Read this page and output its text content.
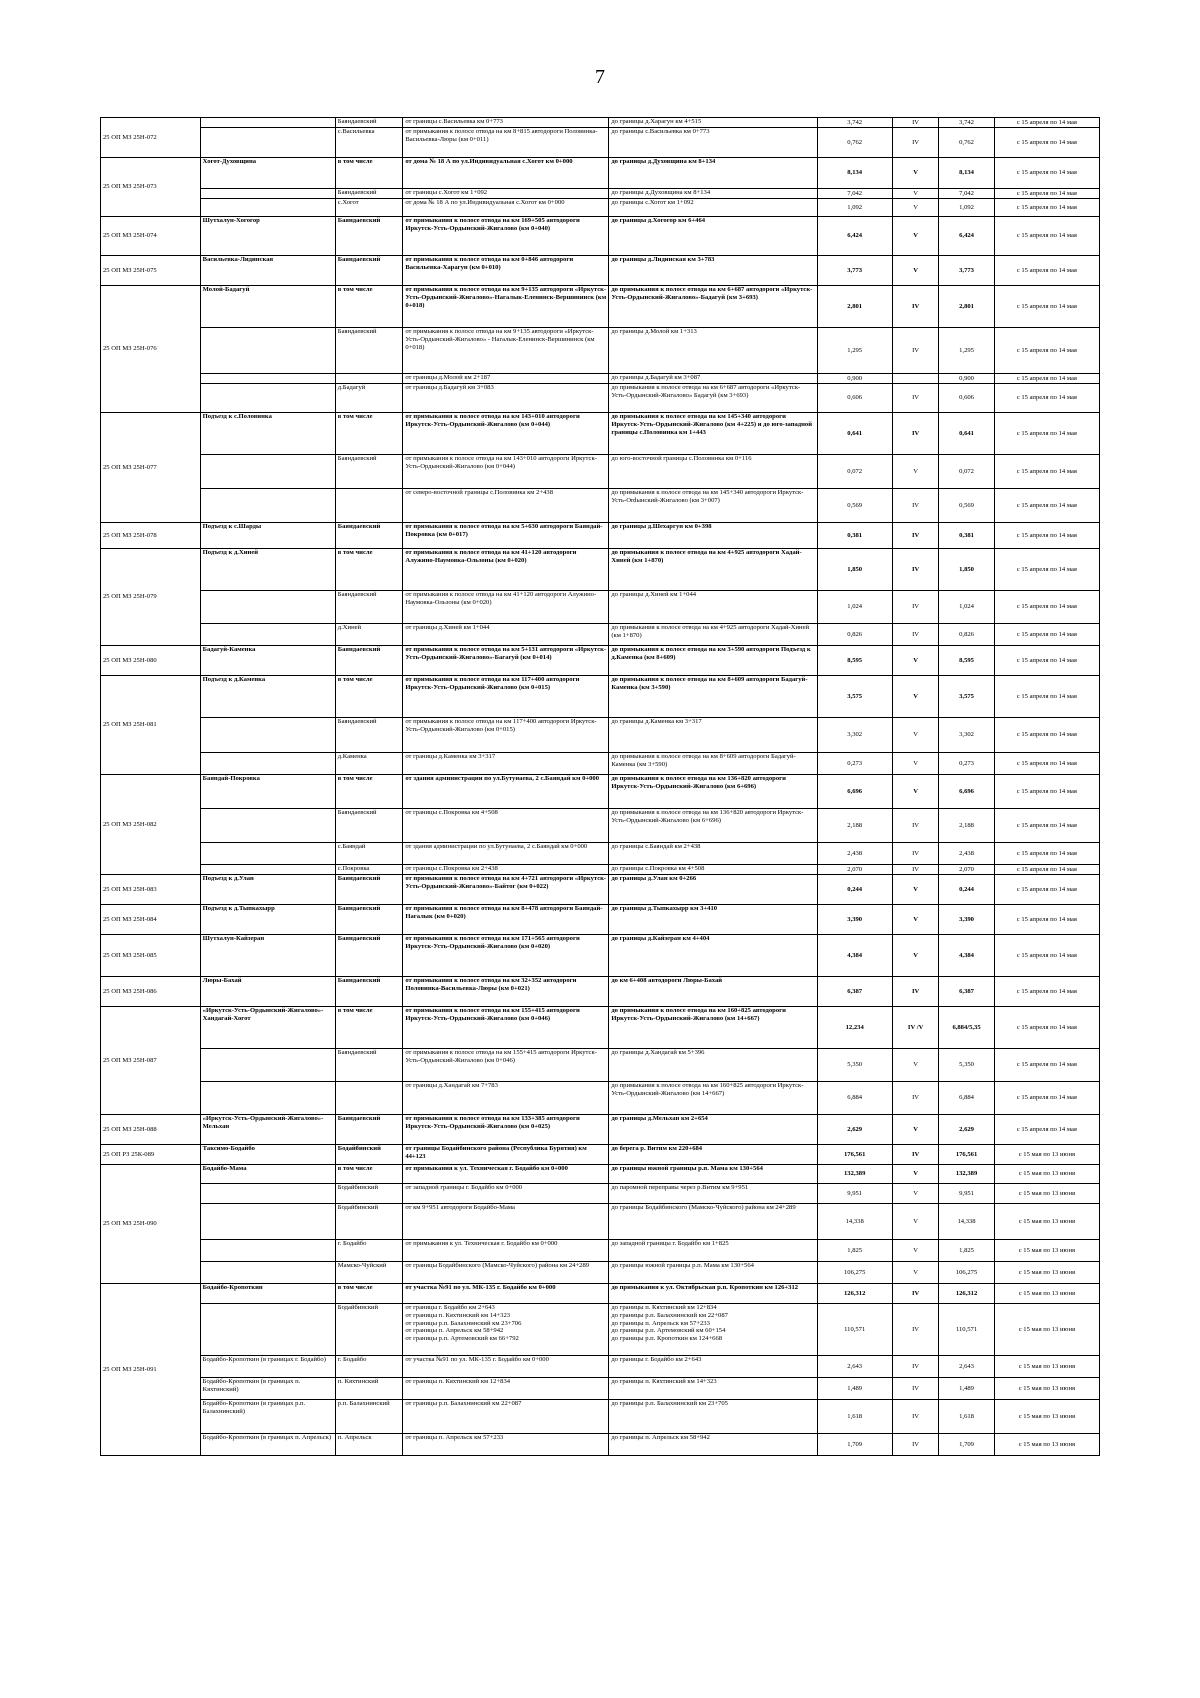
7
25 ОП МЗ 25Н-072		Баяндаевский	от границы с.Васильевка км 0+773	до границы д.Харагун км 4+515	3,742	IV	3,742	с 15 апреля по 14 мая
		с.Васильевка	от примыкания к полосе отвода на км 8+815 автодороги Половинка-Васильевка-Люры (км 0+011)	до границы с.Васильевка км 0+773	0,762	IV	0,762	с 15 апреля по 14 мая
25 ОП МЗ 25Н-073	Хогот-Духовщина	в том числе	от дома № 18 А по ул.Индивидуальная с.Хогот км 0+000	до границы д.Духовщина км 8+134	8,134	V	8,134	с 15 апреля по 14 мая
		Баяндаевский	от границы с.Хогот км 1+092	до границы д.Духовщина км 8+134	7,042	V	7,042	с 15 апреля по 14 мая
		с.Хогот	от дома № 18 А по ул.Индивидуальная с.Хогот км 0+000	до границы с.Хогот км 1+092	1,092	V	1,092	с 15 апреля по 14 мая
25 ОП МЗ 25Н-074	Шутхалун-Хогогор	Баяндаевский	от примыкания к полосе отвода на км 169+505 автодороги Иркутск-Усть-Ордынский-Жигалово (км 0+040)	до границы д.Хогогор км 6+464	6,424	V	6,424	с 15 апреля по 14 мая
25 ОП МЗ 25Н-075	Васильевка-Лидинская	Баяндаевский	от примыкания к полосе отвода на км 0+846 автодороги Васильевка-Харагун (км 0+010)	до границы д.Лидинская км 3+783	3,773	V	3,773	с 15 апреля по 14 мая
25 ОП МЗ 25Н-076	Молой-Бадагуй	в том числе	от примыкания к полосе отвода на км 9+135 автодороги «Иркутск-Усть-Ордынский-Жигалово»-Нагалык-Еленинск-Вершининск (км 0+018)	до примыкания к полосе отвода на км 6+687 автодороги «Иркутск-Усть-Ордынский-Жигалово»-Бадагуй (км 3+693)	2,801	IV	2,801	с 15 апреля по 14 мая
		Баяндаевский	от примыкания к полосе отвода на км 9+135 автодороги «Иркутск-Усть-Ордынский-Жигалово» - Нагалык-Еленинск-Вершининск (км 0+018)	до границы д.Молой км 1+313	1,295	IV	1,295	с 15 апреля по 14 мая
			от границы д.Молой км 2+187	до границы д.Бадагуй км 3+087	0,900		0,900	с 15 апреля по 14 мая
		д.Бадагуй	от границы д.Бадагуй км 3+083	до примыкания к полосе отвода на км 6+687 автодороги «Иркутск-Усть-Ордынский-Жигалово» Бадагуй (км 3+693)	0,606	IV	0,606	с 15 апреля по 14 мая
25 ОП МЗ 25Н-077	Подъезд к с.Половинка	в том числе	от примыкания к полосе отвода на км 143+010 автодороги Иркутск-Усть-Ордынский-Жигалово (км 0+044)	до примыкания к полосе отвода на км 145+340 автодороги Иркутск-Усть-Ордынский-Жигалово (км 4+225) и до юго-западной границы с.Половинка км 1+443	0,641	IV	0,641	с 15 апреля по 14 мая
		Баяндаевский	от примыкания к полосе отвода на км 143+010 автодороги Иркутск-Усть-Ордынский-Жигалово (км 0+044)	до юго-восточной границы с.Половинка км 0+116	0,072	V	0,072	с 15 апреля по 14 мая
			от северо-восточной границы с.Половинка км 2+438	до примыкания к полосе отвода на км 145+340 автодороги Иркутск-Усть-Ordынский-Жигалово (км 3+007)	0,569	IV	0,569	с 15 апреля по 14 мая
25 ОП МЗ 25Н-078	Подъезд к с.Шарды	Баяндаевский	от примыкания к полосе отвода на км 5+630 автодороги Баяндай-Покровка (км 0+017)	до границы д.Шехаргун км 0+398	0,381	IV	0,381	с 15 апреля по 14 мая
25 ОП МЗ 25Н-079	Подъезд к д.Хиней	в том числе	от примыкания к полосе отвода на км 41+120 автодороги Алужино-Наумовка-Ользоны (км 0+020)	до примыкания к полосе отвода на км 4+925 автодороги Хадай-Хиней (км 1+870)	1,850	IV	1,850	с 15 апреля по 14 мая
		Баяндаевский	от примыкания к полосе отвода на км 41+120 автодороги Алужино-Наумовка-Ользоны (км 0+020)	до границы д.Хиней км 1+044	1,024	IV	1,024	с 15 апреля по 14 мая
		д.Хиней	от границы д.Хиней км 1+044	до примыкания к полосе отвода на км 4+925 автодороги Хадай-Хиней (км 1+870)	0,826	IV	0,826	с 15 апреля по 14 мая
25 ОП МЗ 25Н-080	Бадагуй-Каменка	Баяндаевский	от примыкания к полосе отвода на км 5+131 автодороги «Иркутск-Усть-Ордынский-Жигалово»-Багагуй (км 0+014)	до примыкания к полосе отвода на км 3+590 автодороги Подъезд к д.Каменка (км 8+609)	8,595	V	8,595	с 15 апреля по 14 мая
25 ОП МЗ 25Н-081	Подъезд к д.Каменка	в том числе	от примыкания к полосе отвода на км 117+400 автодороги Иркутск-Усть-Ордынский-Жигалово (км 0+015)	до примыкания к полосе отвода на км 8+609 автодороги Бадагуй-Каменка (км 3+590)	3,575	V	3,575	с 15 апреля по 14 мая
		Баяндаевский	от примыкания к полосе отвода на км 117+400 автодороги Иркутск-Усть-Ордынский-Жигалово (км 0+015)	до границы д.Каменка км 3+317	3,302	V	3,302	с 15 апреля по 14 мая
		д.Каменка	от границы д.Каменка км 3+317	до примыкания к полосе отвода на км 8+609 автодороги Бадагуй-Каменка (км 3+590)	0,273	V	0,273	с 15 апреля по 14 мая
25 ОП МЗ 25Н-082	Баяндай-Покровка	в том числе	от здания администрации по ул.Бутунаева, 2 с.Баяндай км 0+000	до примыкания к полосе отвода на км 136+820 автодороги Иркутск-Усть-Ордынский-Жигалово (км 6+696)	6,696	V	6,696	с 15 апреля по 14 мая
		Баяндаевский	от границы с.Покровка км 4+508	до примыкания к полосе отвода на км 136+820 автодороги Иркутск-Усть-Ордынский-Жигалово (км 6+696)	2,188	IV	2,188	с 15 апреля по 14 мая
		с.Баяндай	от здания администрации по ул.Бутунаева, 2 с.Баяндай км 0+000	до границы с.Баяндай км 2+438	2,438	IV	2,438	с 15 апреля по 14 мая
		с.Покровка	от границы с.Покровка км 2+438	до границы с.Покровка км 4+508	2,070	IV	2,070	с 15 апреля по 14 мая
25 ОП МЗ 25Н-083	Подъезд к д.Улан	Баяндаевский	от примыкания к полосе отвода на км 4+721 автодороги «Иркутск-Усть-Ордынский-Жигалово»-Байтог (км 0+022)	до границы д.Улан км 0+266	0,244	V	0,244	с 15 апреля по 14 мая
25 ОП МЗ 25Н-084	Подъезд к д.Тыпкахырр	Баяндаевский	от примыкания к полосе отвода на км 8+478 автодороги Баяндай-Нагалык (км 0+020)	до границы д.Тыпкахырр км 3+410	3,390	V	3,390	с 15 апреля по 14 мая
25 ОП МЗ 25Н-085	Шутхалун-Кайзеран	Баяндаевский	от примыкания к полосе отвода на км 171+565 автодороги Иркутск-Усть-Ордынский-Жигалово (км 0+020)	до границы д.Кайзеран км 4+404	4,384	V	4,384	с 15 апреля по 14 мая
25 ОП МЗ 25Н-086	Люры-Бахай	Баяндаевский	от примыкания к полосе отвода на км 32+352 автодороги Половинка-Васильевка-Люры (км 0+021)	до км 6+408 автодороги Люры-Бахай	6,387	IV	6,387	с 15 апреля по 14 мая
25 ОП МЗ 25Н-087	«Иркутск-Усть-Ордынский-Жигалово»-Хандагай-Хогот	в том числе	от примыкания к полосе отвода на км 155+415 автодороги Иркутск-Усть-Ордынский-Жигалово (км 0+046)	до примыкания к полосе отвода на км 160+825 автодороги Иркутск-Усть-Ордынский-Жигалово (км 14+667)	12,234	IV /V	6,884/5,35	с 15 апреля по 14 мая
		Баяндаевский	от примыкания к полосе отвода на км 155+415 автодороги Иркутск-Усть-Ордынский-Жигалово (км 0+046)	до границы д.Хандагай км 5+396	5,350	V	5,350	с 15 апреля по 14 мая
			от границы д.Хандагай км 7+783	до примыкания к полосе отвода на км 160+825 автодороги Иркутск-Усть-Ордынский-Жигалово (км 14+667)	6,884	IV	6,884	с 15 апреля по 14 мая
25 ОП МЗ 25Н-088	«Иркутск-Усть-Ордынский-Жигалово»-Мельхан	Баяндаевский	от примыкания к полосе отвода на км 133+385 автодороги Иркутск-Усть-Ордынский-Жигалово (км 0+025)	до границы д.Мельхан км 2+654	2,629	V	2,629	с 15 апреля по 14 мая
25 ОП РЗ 25К-089	Таксимо-Бодайбо	Бодайбинский	от границы Бодайбинского района (Республика Бурятия) км 44+123	до берега р. Витим км 220+684	176,561	IV	176,561	с 15 мая по 13 июня
25 ОП МЗ 25Н-090	Бодайбо-Мама	в том числе	от примыкания к ул. Техническая г. Бодайбо км 0+000	до границы южной границы р.п. Мама км 130+564	132,389	V	132,389	с 15 мая по 13 июня
		Бодайбинский	от западной границы г. Бодайбо км 0+000	до паромной переправы через р.Витим км 9+951	9,951	V	9,951	с 15 мая по 13 июня
		Бодайбинский	от км 9+951 автодороги Бодайбо-Мама	до границы Бодайбинского (Мамско-Чуйского) района км 24+289	14,338	V	14,338	с 15 мая по 13 июня
		г. Бодайбо	от примыкания к ул. Техническая г. Бодайбо км 0+000	до западной границы г. Бодайбо км 1+825	1,825	V	1,825	с 15 мая по 13 июня
		Мамско-Чуйский	от границы Бодайбинского (Мамско-Чуйского) района км 24+289	до границы южной границы р.п. Мама км 130+564	106,275	V	106,275	с 15 мая по 13 июня
25 ОП МЗ 25Н-091	Бодайбо-Кропоткин	в том числе	от участка №91 по ул. МК-135 г. Бодайбо км 0+000	до примыкания к ул. Октябрьская р.п. Кропоткин км 126+312	126,312	IV	126,312	с 15 мая по 13 июня
		Бодайбинский	от границы г. Бодайбо км 2+643
от границы п. Кяхтинский км 14+323
от границы р.п. Балахнинский км 23+706
от границы п. Апрельск км 58+942
от границы р.п. Артемовский км 66+792	до границы п. Кяхтинский км 12+834
до границы р.п. Балахнинский км 22+087
до границы п. Апрельск км 57+233
до границы р.п. Артемовский км 60+154
до границы р.п. Кропоткин км 124+668	110,571	IV	110,571	с 15 мая по 13 июня
	Бодайбо-Кропоткин (в границах г. Бодайбо)	г. Бодайбо	от участка №91 по ул. МК-135 г. Бодайбо км 0+000	до границы г. Бодайбо км 2+643	2,643	IV	2,643	с 15 мая по 13 июня
	Бодайбо-Кропоткин (в границах п. Кяхтинский)	п. Кяхтинский	от границы п. Кяхтинский км 12+834	до границы п. Кяхтинский км 14+323	1,489	IV	1,489	с 15 мая по 13 июня
	Бодайбо-Кропоткин (в границах р.п. Балахнинский)	р.п. Балахнинский	от границы р.п. Балахнинский км 22+087	до границы р.п. Балахнинский км 23+705	1,618	IV	1,618	с 15 мая по 13 июня
	Бодайбо-Кропоткин (в границах п. Апрельск)	п. Апрельск	от границы п. Апрельск км 57+233	до границы п. Апрельск км 58+942	1,709	IV	1,709	с 15 мая по 13 июня
